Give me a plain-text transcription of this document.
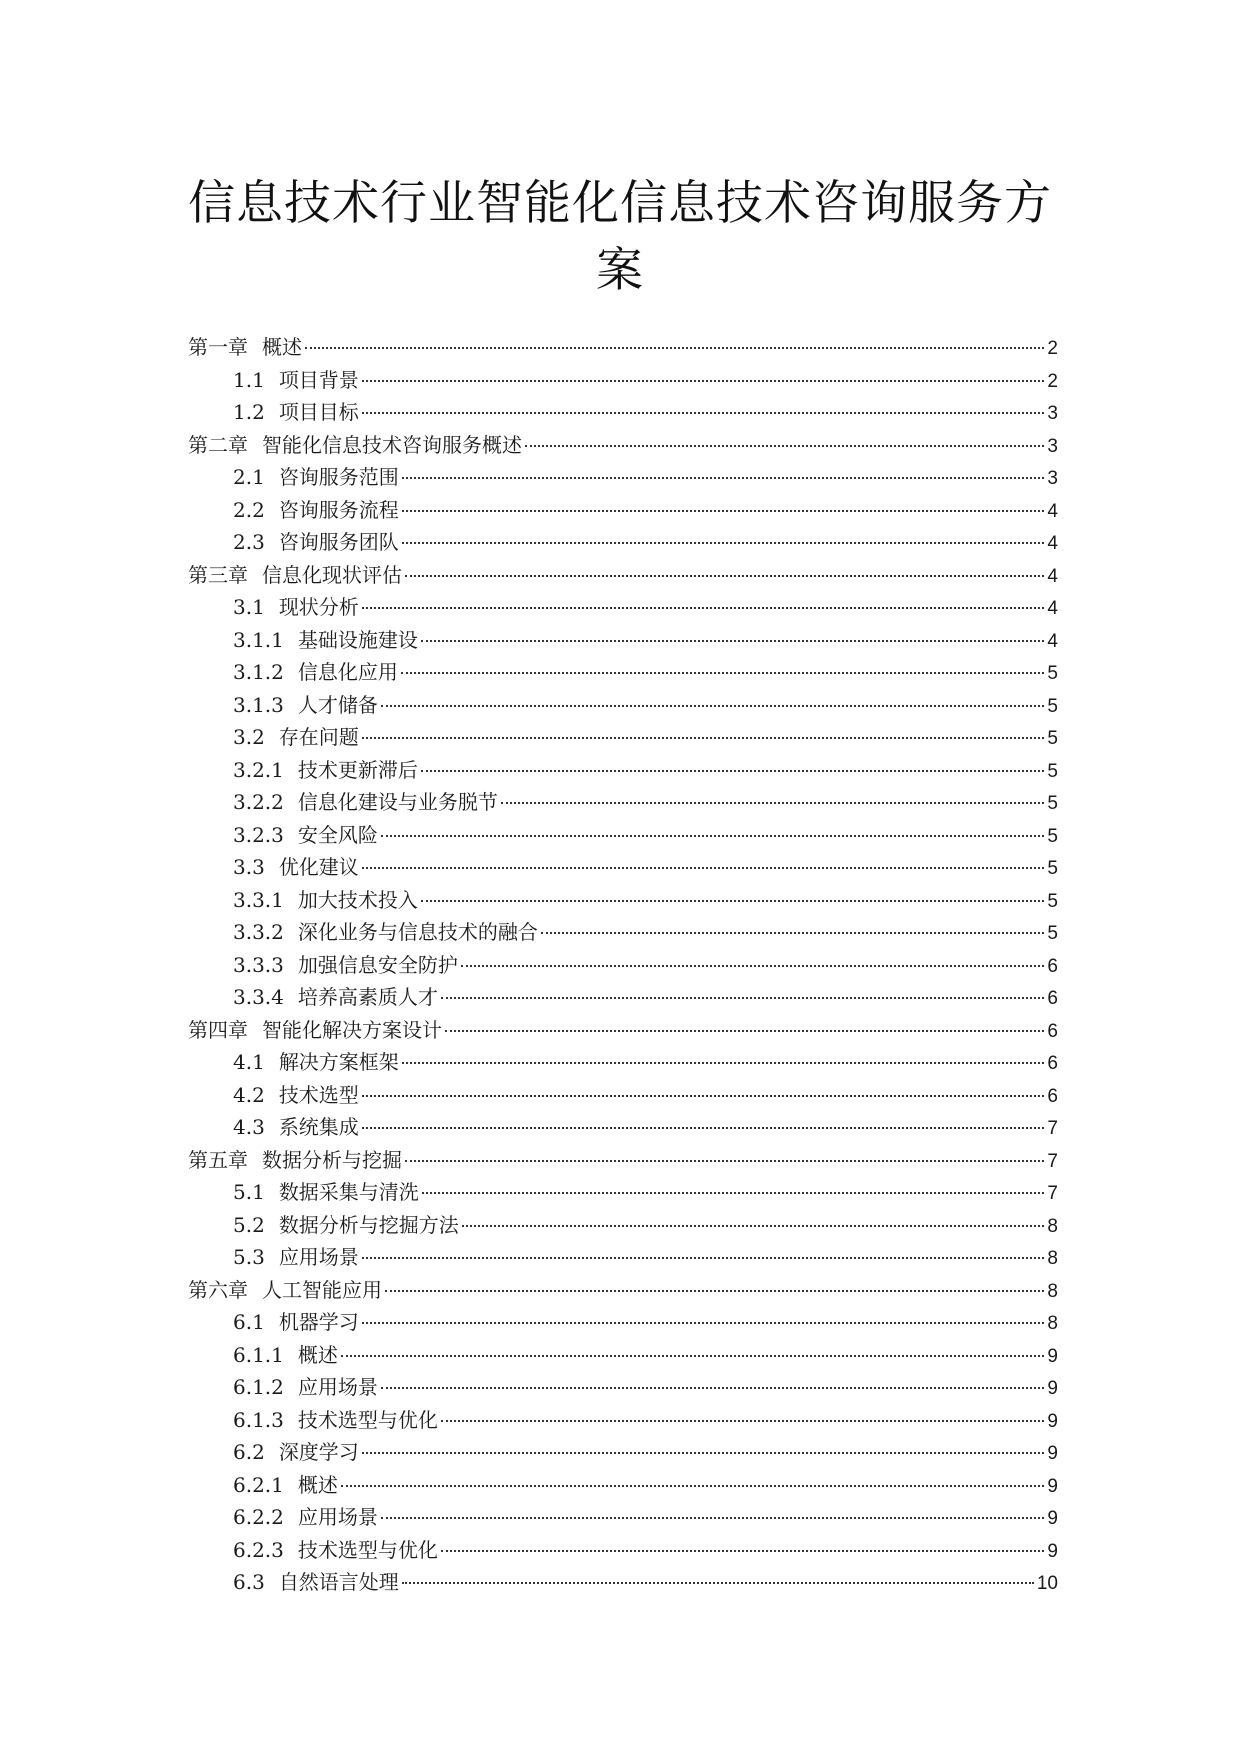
信息技术行业智能化信息技术咨询服务方
案
第一章 概述	2
1.1 项目背景	2
1.2 项目目标	3
第二章 智能化信息技术咨询服务概述	3
2.1 咨询服务范围	3
2.2 咨询服务流程	4
2.3 咨询服务团队	4
第三章 信息化现状评估	4
3.1 现状分析	4
3.1.1 基础设施建设	4
3.1.2 信息化应用	5
3.1.3 人才储备	5
3.2 存在问题	5
3.2.1 技术更新滞后	5
3.2.2 信息化建设与业务脱节	5
3.2.3 安全风险	5
3.3 优化建议	5
3.3.1 加大技术投入	5
3.3.2 深化业务与信息技术的融合	5
3.3.3 加强信息安全防护	6
3.3.4 培养高素质人才	6
第四章 智能化解决方案设计	6
4.1 解决方案框架	6
4.2 技术选型	6
4.3 系统集成	7
第五章 数据分析与挖掘	7
5.1 数据采集与清洗	7
5.2 数据分析与挖掘方法	8
5.3 应用场景	8
第六章 人工智能应用	8
6.1 机器学习	8
6.1.1 概述	9
6.1.2 应用场景	9
6.1.3 技术选型与优化	9
6.2 深度学习	9
6.2.1 概述	9
6.2.2 应用场景	9
6.2.3 技术选型与优化	9
6.3 自然语言处理	10
